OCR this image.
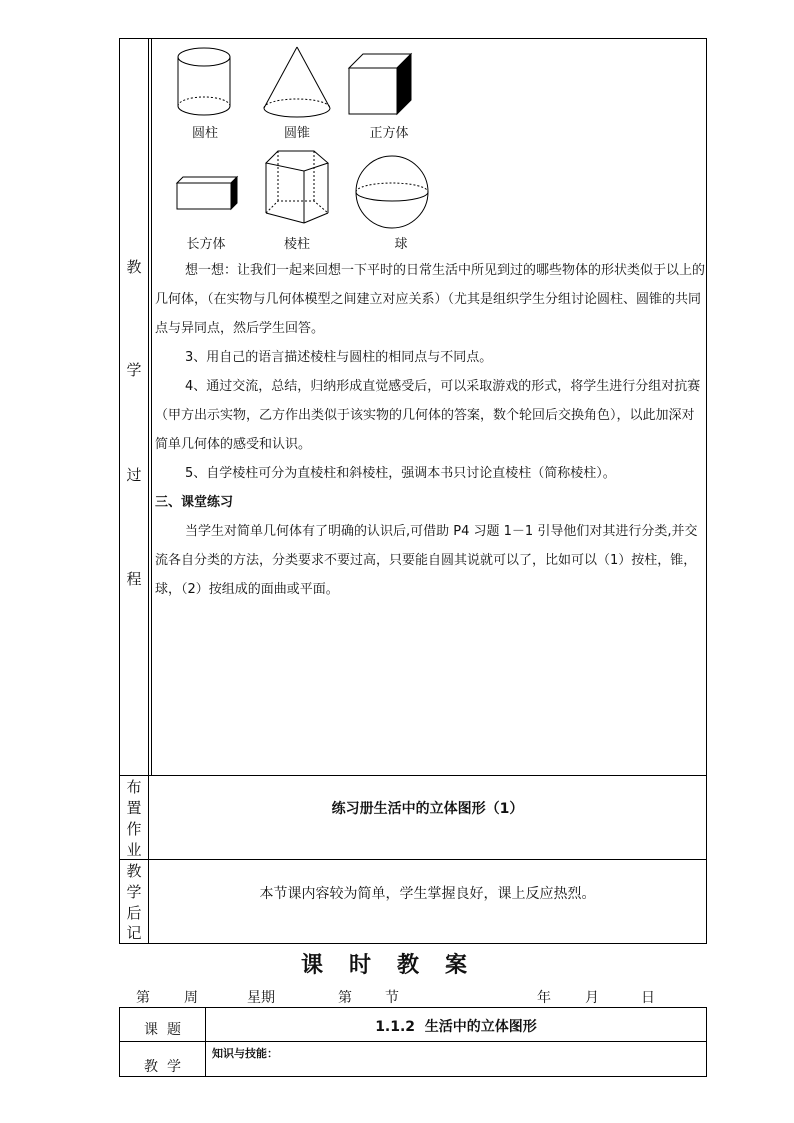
教
学
过
程
圆柱	圆锥	正方体
长方体	棱柱	球

想一想：让我们一起来回想一下平时的日常生活中所见到过的哪些物体的形状类似于以上的几何体，（在实物与几何体模型之间建立对应关系）（尤其是组织学生分组讨论圆柱、圆锥的共同点与异同点，然后学生回答。

3、用自己的语言描述棱柱与圆柱的相同点与不同点。

4、通过交流，总结，归纳形成直觉感受后，可以采取游戏的形式，将学生进行分组对抗赛（甲方出示实物，乙方作出类似于该实物的几何体的答案，数个轮回后交换角色），以此加深对简单几何体的感受和认识。

5、自学棱柱可分为直棱柱和斜棱柱，强调本书只讨论直棱柱（简称棱柱）。

三、课堂练习

当学生对简单几何体有了明确的认识后,可借助 P4 习题 1－1 引导他们对其进行分类,并交流各自分类的方法，分类要求不要过高，只要能自圆其说就可以了，比如可以（1）按柱，锥，球，（2）按组成的面曲或平面。

布
置
作
业
练习册生活中的立体图形（1）
教
学
后
记
本节课内容较为简单，学生掌握良好，课上反应热烈。
课时教案
第 周	星期	第 节	年 月	日
课  题	1.1.2  生活中的立体图形
教  学
知识与技能：
